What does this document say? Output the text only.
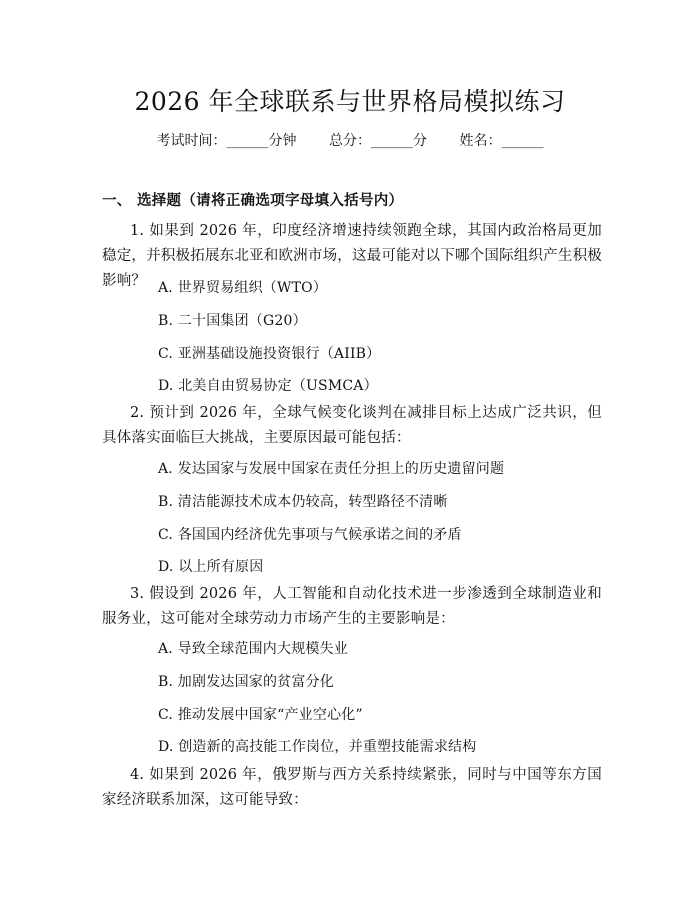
2026 年全球联系与世界格局模拟练习
考试时间：______分钟 总分：______分 姓名：______
一、 选择题（请将正确选项字母填入括号内）
1. 如果到 2026 年，印度经济增速持续领跑全球，其国内政治格局更加稳定，并积极拓展东北亚和欧洲市场，这最可能对以下哪个国际组织产生积极影响？ A. 世界贸易组织（WTO）
B. 二十国集团（G20）
C. 亚洲基础设施投资银行（AIIB）
D. 北美自由贸易协定（USMCA）
2. 预计到 2026 年，全球气候变化谈判在减排目标上达成广泛共识，但具体落实面临巨大挑战，主要原因最可能包括：
A. 发达国家与发展中国家在责任分担上的历史遗留问题
B. 清洁能源技术成本仍较高，转型路径不清晰
C. 各国国内经济优先事项与气候承诺之间的矛盾
D. 以上所有原因
3. 假设到 2026 年，人工智能和自动化技术进一步渗透到全球制造业和服务业，这可能对全球劳动力市场产生的主要影响是：
A. 导致全球范围内大规模失业
B. 加剧发达国家的贫富分化
C. 推动发展中国家“产业空心化”
D. 创造新的高技能工作岗位，并重塑技能需求结构
4. 如果到 2026 年，俄罗斯与西方关系持续紧张，同时与中国等东方国家经济联系加深，这可能导致：
